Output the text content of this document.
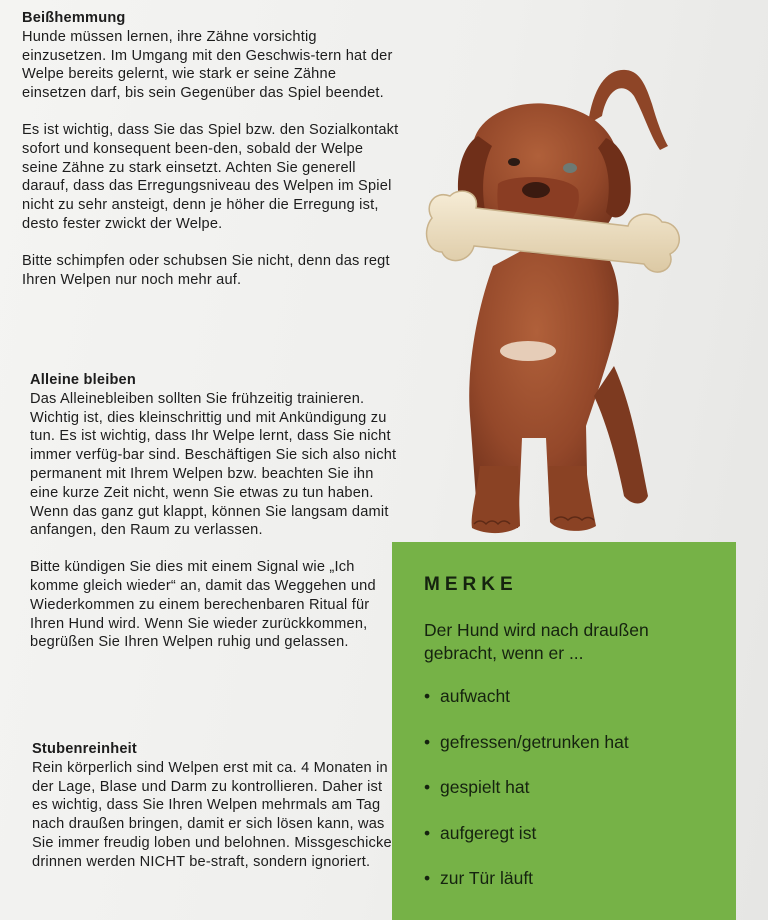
Beißhemmung

Hunde müssen lernen, ihre Zähne vorsichtig einzusetzen. Im Umgang mit den Geschwis-tern hat der Welpe bereits gelernt, wie stark er seine Zähne einsetzen darf, bis sein Gegenüber das Spiel beendet.

Es ist wichtig, dass Sie das Spiel bzw. den Sozialkontakt sofort und konsequent been-den, sobald der Welpe seine Zähne zu stark einsetzt. Achten Sie generell darauf, dass das Erregungsniveau des Welpen im Spiel nicht zu sehr ansteigt, denn je höher die Erregung ist, desto fester zwickt der Welpe.

Bitte schimpfen oder schubsen Sie nicht, denn das regt Ihren Welpen nur noch mehr auf.

Alleine bleiben

Das Alleinebleiben sollten Sie frühzeitig trainieren. Wichtig ist, dies kleinschrittig und mit Ankündigung zu tun. Es ist wichtig, dass Ihr Welpe lernt, dass Sie nicht immer verfüg-bar sind. Beschäftigen Sie sich also nicht permanent mit Ihrem Welpen bzw. beachten Sie ihn eine kurze Zeit nicht, wenn Sie etwas zu tun haben. Wenn das ganz gut klappt, können Sie langsam damit anfangen, den Raum zu verlassen.

Bitte kündigen Sie dies mit einem Signal wie „Ich komme gleich wieder“ an, damit das Weggehen und Wiederkommen zu einem berechenbaren Ritual für Ihren Hund wird. Wenn Sie wieder zurückkommen, begrüßen Sie Ihren Welpen ruhig und gelassen.

Stubenreinheit

Rein körperlich sind Welpen erst mit ca. 4 Monaten in der Lage, Blase und Darm zu kontrollieren. Daher ist es wichtig, dass Sie Ihren Welpen mehrmals am Tag nach draußen bringen, damit er sich lösen kann, was Sie immer freudig loben und belohnen. Missgeschicke drinnen werden NICHT be-straft, sondern ignoriert.

MERKE
Der Hund wird nach draußen gebracht, wenn er ...
• aufwacht
• gefressen/getrunken hat
• gespielt hat
• aufgeregt ist
• zur Tür läuft
